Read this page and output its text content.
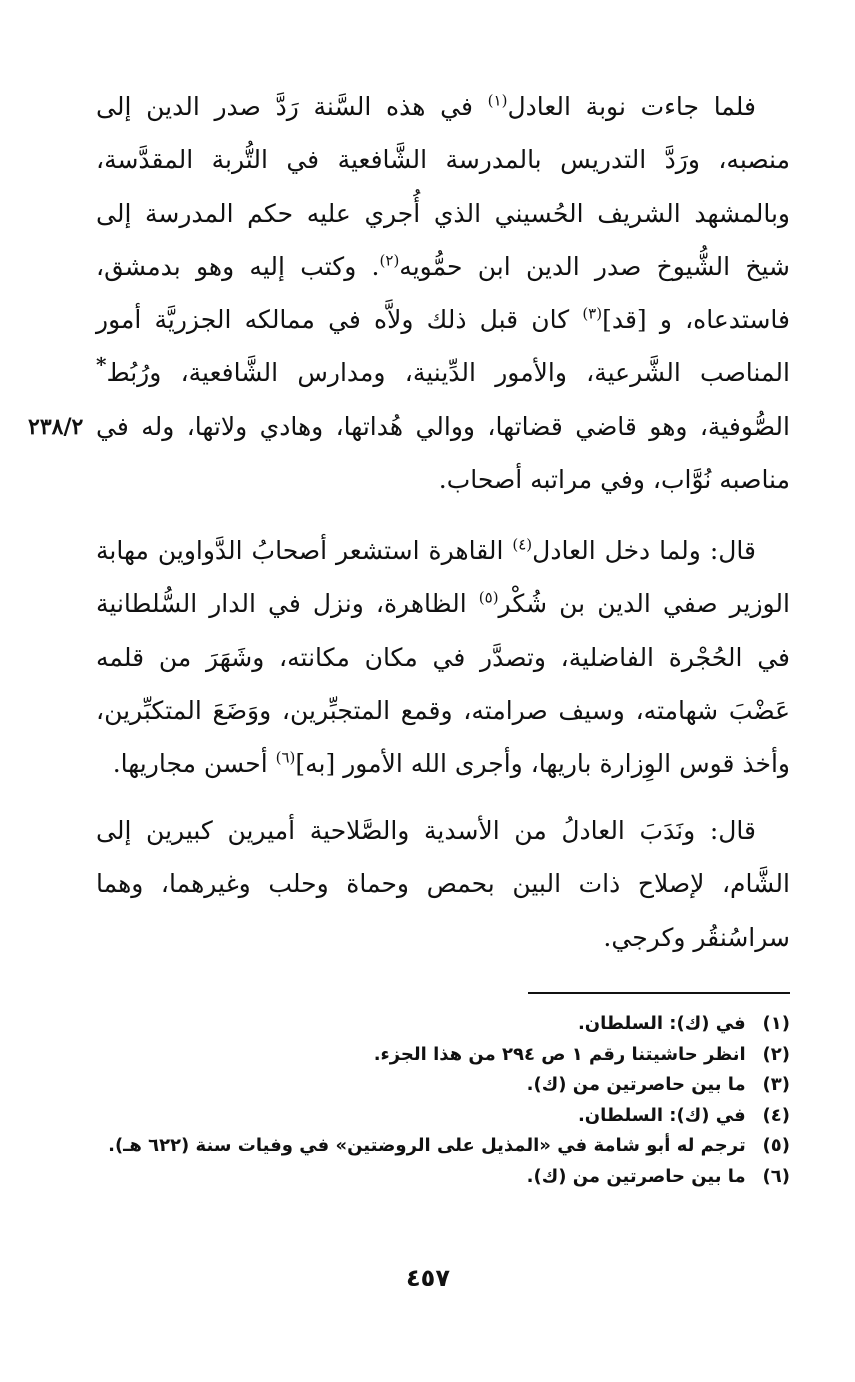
فلما جاءت نوبة العادل$^{(١)}$ في هذه السَّنة رَدَّ صدر الدين إلى منصبه، ورَدَّ التدريس بالمدرسة الشَّافعية في التُّربة المقدَّسة، وبالمشهد الشريف الحُسيني الذي أُجري عليه حكم المدرسة إلى شيخ الشُّيوخ صدر الدين ابن حمُّويه$^{(٢)}$. وكتب إليه وهو بدمشق، فاستدعاه، و [قد]$^{(٣)}$ كان قبل ذلك ولاَّه في ممالكه الجزريَّة أمور المناصب الشَّرعية، والأمور الدِّينية، ومدارس الشَّافعية، ورُبُط* الصُّوفية، وهو قاضي قضاتها، ووالي هُداتها، وهادي ولاتها، وله في مناصبه نُوَّاب، وفي مراتبه أصحاب.

٢٣٨/٢

قال: ولما دخل العادل$^{(٤)}$ القاهرة استشعر أصحابُ الدَّواوين مهابة الوزير صفي الدين بن شُكْر$^{(٥)}$ الظاهرة، ونزل في الدار السُّلطانية في الحُجْرة الفاضلية، وتصدَّر في مكان مكانته، وشَهَرَ من قلمه عَضْبَ شهامته، وسيف صرامته، وقمع المتجبِّرين، ووَضَعَ المتكبِّرين، وأخذ قوس الوِزارة باريها، وأجرى الله الأمور [به]$^{(٦)}$ أحسن مجاريها.

قال: ونَدَبَ العادلُ من الأسدية والصَّلاحية أميرين كبيرين إلى الشَّام، لإصلاح ذات البين بحمص وحماة وحلب وغيرهما، وهما سراسُنقُر وكرجي.

(١) في (ك): السلطان.
(٢) انظر حاشيتنا رقم ١ ص ٢٩٤ من هذا الجزء.
(٣) ما بين حاصرتين من (ك).
(٤) في (ك): السلطان.
(٥) ترجم له أبو شامة في «المذيل على الروضتين» في وفيات سنة (٦٢٢ هـ).
(٦) ما بين حاصرتين من (ك).
٤٥٧
